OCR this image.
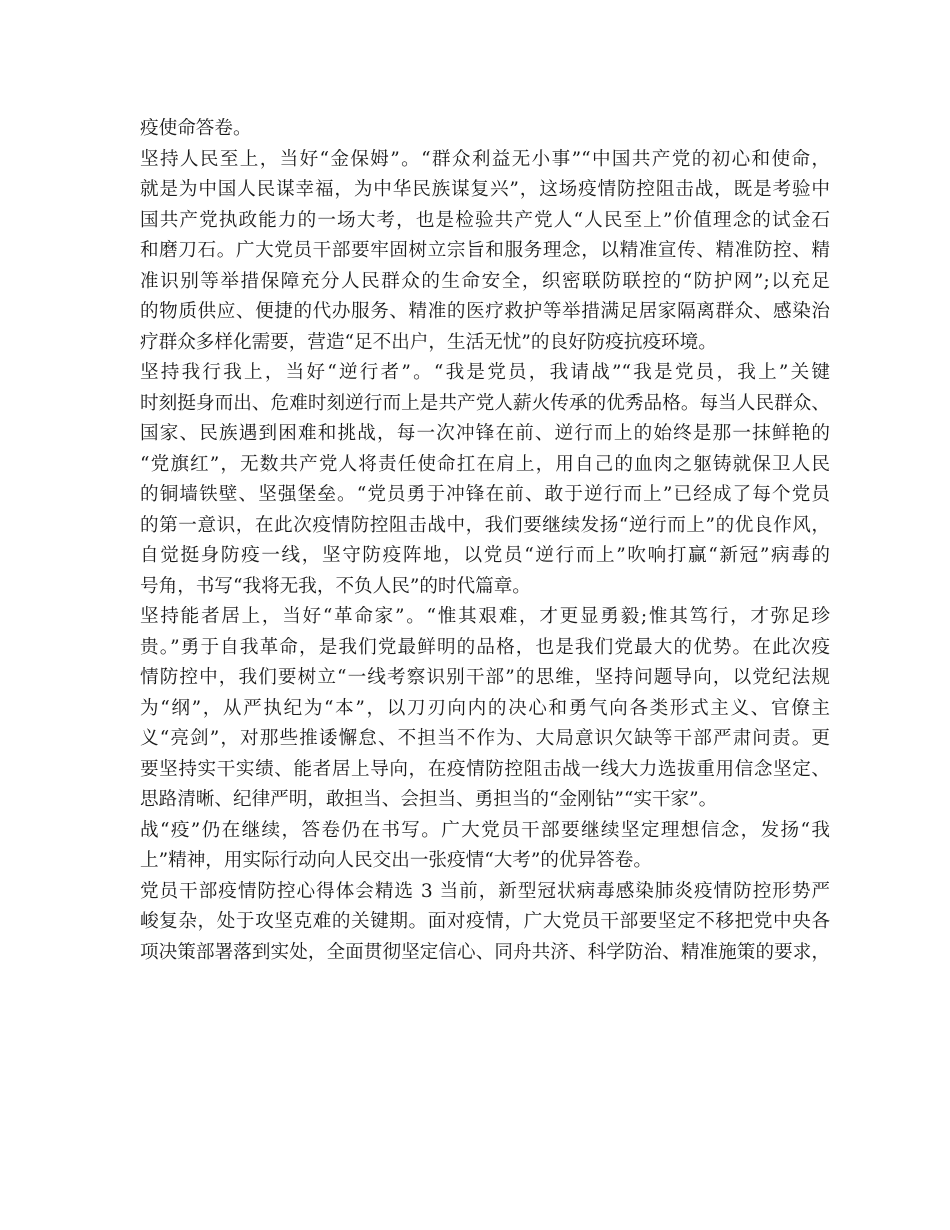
疫使命答卷。
坚持人民至上，当好“金保姆”。“群众利益无小事”“中国共产党的初心和使命，
就是为中国人民谋幸福，为中华民族谋复兴”，这场疫情防控阻击战，既是考验中
国共产党执政能力的一场大考，也是检验共产党人“人民至上”价值理念的试金石
和磨刀石。广大党员干部要牢固树立宗旨和服务理念，以精准宣传、精准防控、精
准识别等举措保障充分人民群众的生命安全，织密联防联控的“防护网”;以充足
的物质供应、便捷的代办服务、精准的医疗救护等举措满足居家隔离群众、感染治
疗群众多样化需要，营造“足不出户，生活无忧”的良好防疫抗疫环境。
坚持我行我上，当好“逆行者”。“我是党员，我请战”“我是党员，我上”关键
时刻挺身而出、危难时刻逆行而上是共产党人薪火传承的优秀品格。每当人民群众、
国家、民族遇到困难和挑战，每一次冲锋在前、逆行而上的始终是那一抹鲜艳的
“党旗红”，无数共产党人将责任使命扛在肩上，用自己的血肉之躯铸就保卫人民
的铜墙铁壁、坚强堡垒。“党员勇于冲锋在前、敢于逆行而上”已经成了每个党员
的第一意识，在此次疫情防控阻击战中，我们要继续发扬“逆行而上”的优良作风，
自觉挺身防疫一线，坚守防疫阵地，以党员“逆行而上”吹响打赢“新冠”病毒的
号角，书写“我将无我，不负人民”的时代篇章。
坚持能者居上，当好“革命家”。“惟其艰难，才更显勇毅;惟其笃行，才弥足珍
贵。”勇于自我革命，是我们党最鲜明的品格，也是我们党最大的优势。在此次疫
情防控中，我们要树立“一线考察识别干部”的思维，坚持问题导向，以党纪法规
为“纲”，从严执纪为“本”，以刀刃向内的决心和勇气向各类形式主义、官僚主
义“亮剑”，对那些推诿懈怠、不担当不作为、大局意识欠缺等干部严肃问责。更
要坚持实干实绩、能者居上导向，在疫情防控阻击战一线大力选拔重用信念坚定、
思路清晰、纪律严明，敢担当、会担当、勇担当的“金刚钻”“实干家”。
战“疫”仍在继续，答卷仍在书写。广大党员干部要继续坚定理想信念，发扬“我
上”精神，用实际行动向人民交出一张疫情“大考”的优异答卷。
党员干部疫情防控心得体会精选 3 当前，新型冠状病毒感染肺炎疫情防控形势严
峻复杂，处于攻坚克难的关键期。面对疫情，广大党员干部要坚定不移把党中央各
项决策部署落到实处，全面贯彻坚定信心、同舟共济、科学防治、精准施策的要求，
